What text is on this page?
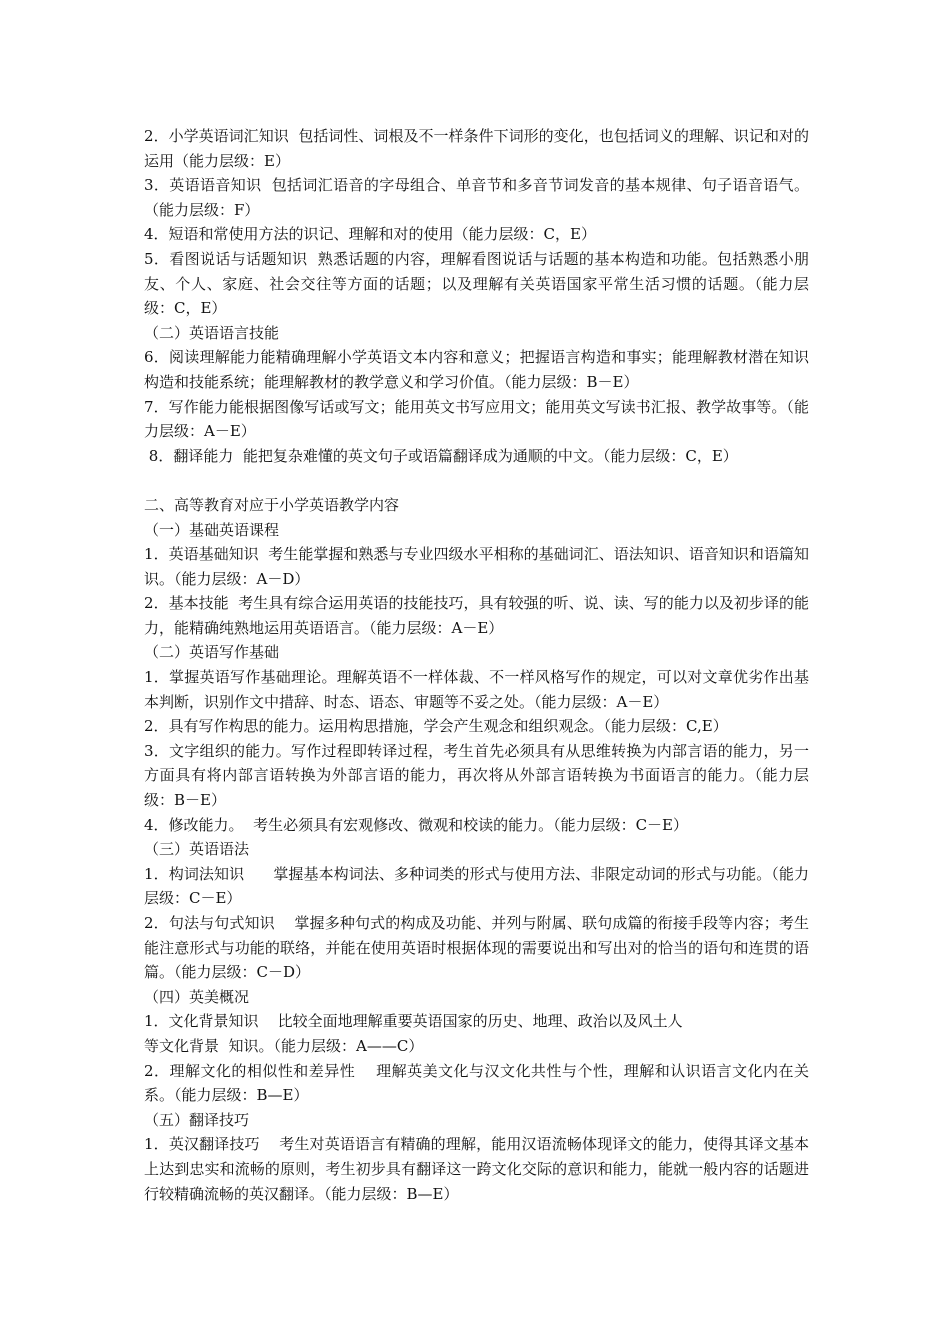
2．小学英语词汇知识  包括词性、词根及不一样条件下词形的变化，也包括词义的理解、识记和对的运用（能力层级：E）

3．英语语音知识  包括词汇语音的字母组合、单音节和多音节词发音的基本规律、句子语音语气。（能力层级：F）

4．短语和常使用方法的识记、理解和对的使用（能力层级：C，E）

5．看图说话与话题知识  熟悉话题的内容，理解看图说话与话题的基本构造和功能。包括熟悉小朋友、个人、家庭、社会交往等方面的话题；以及理解有关英语国家平常生活习惯的话题。（能力层级：C，E）

（二）英语语言技能

6．阅读理解能力能精确理解小学英语文本内容和意义；把握语言构造和事实；能理解教材潜在知识构造和技能系统；能理解教材的教学意义和学习价值。（能力层级：B－E）

7．写作能力能根据图像写话或写文；能用英文书写应用文；能用英文写读书汇报、教学故事等。（能力层级：A－E）

8．翻译能力  能把复杂难懂的英文句子或语篇翻译成为通顺的中文。（能力层级：C，E）

二、高等教育对应于小学英语教学内容

（一）基础英语课程

1．英语基础知识  考生能掌握和熟悉与专业四级水平相称的基础词汇、语法知识、语音知识和语篇知识。（能力层级：A－D）

2．基本技能  考生具有综合运用英语的技能技巧，具有较强的听、说、读、写的能力以及初步译的能力，能精确纯熟地运用英语语言。（能力层级：A－E）

（二）英语写作基础

1．掌握英语写作基础理论。理解英语不一样体裁、不一样风格写作的规定，可以对文章优劣作出基本判断，识别作文中措辞、时态、语态、审题等不妥之处。（能力层级：A－E）

2．具有写作构思的能力。运用构思措施，学会产生观念和组织观念。（能力层级：C,E）

3．文字组织的能力。写作过程即转译过程，考生首先必须具有从思维转换为内部言语的能力，另一方面具有将内部言语转换为外部言语的能力，再次将从外部言语转换为书面语言的能力。（能力层级：B－E）

4．修改能力。  考生必须具有宏观修改、微观和校读的能力。（能力层级：C－E）

（三）英语语法

1．构词法知识      掌握基本构词法、多种词类的形式与使用方法、非限定动词的形式与功能。（能力层级：C－E）

2．句法与句式知识    掌握多种句式的构成及功能、并列与附属、联句成篇的衔接手段等内容；考生能注意形式与功能的联络，并能在使用英语时根据体现的需要说出和写出对的恰当的语句和连贯的语篇。（能力层级：C－D）

（四）英美概况

1．文化背景知识    比较全面地理解重要英语国家的历史、地理、政治以及风土人

等文化背景  知识。（能力层级：A——C）

2．理解文化的相似性和差异性    理解英美文化与汉文化共性与个性，理解和认识语言文化内在关系。（能力层级：B—E）

（五）翻译技巧

1．英汉翻译技巧    考生对英语语言有精确的理解，能用汉语流畅体现译文的能力，使得其译文基本上达到忠实和流畅的原则，考生初步具有翻译这一跨文化交际的意识和能力，能就一般内容的话题进行较精确流畅的英汉翻译。（能力层级：B—E）
